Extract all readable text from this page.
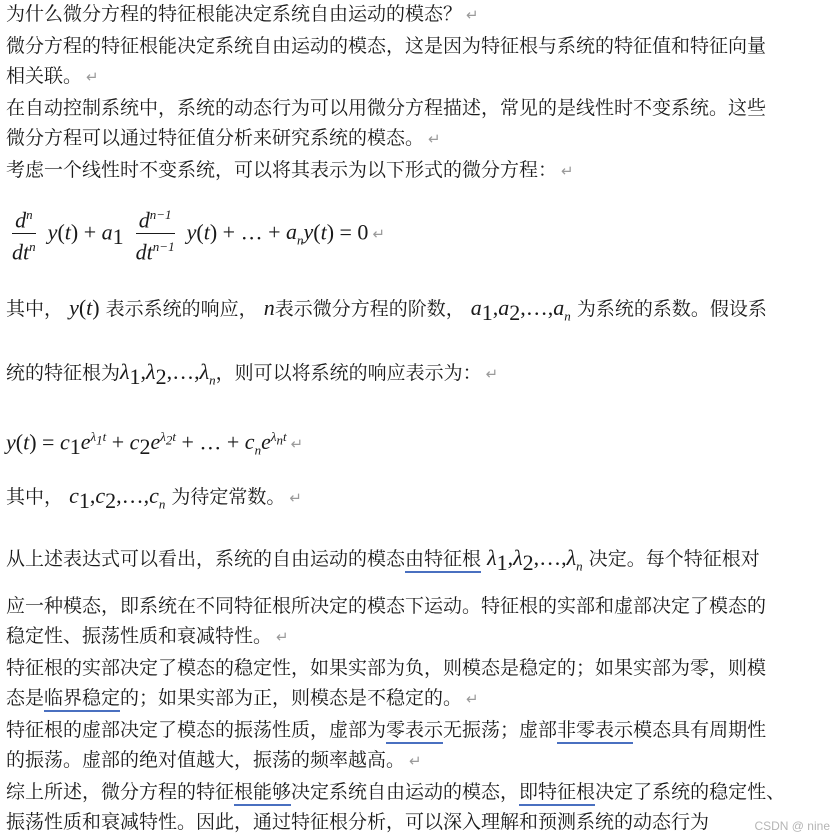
为什么微分方程的特征根能决定系统自由运动的模态？ ↵
微分方程的特征根能决定系统自由运动的模态，这是因为特征根与系统的特征值和特征向量
相关联。 ↵
在自动控制系统中，系统的动态行为可以用微分方程描述，常见的是线性时不变系统。这些
微分方程可以通过特征值分析来研究系统的模态。 ↵
考虑一个线性时不变系统，可以将其表示为以下形式的微分方程： ↵
$\frac{d^n}{dt^n} y(t) + a_1 \frac{d^{n-1}}{dt^{n-1}} y(t)$ + … + $a_ny(t) = 0$ ↵
其中， y(t) 表示系统的响应， n表示微分方程的阶数， $a_1,a_2,\dots,a_n$ 为系统的系数。假设系
统的特征根为$\lambda_1,\lambda_2,\dots,\lambda_n$，则可以将系统的响应表示为： ↵
$y(t) = c_1e^{\lambda_1t} + c_2e^{\lambda_2t}$ + … + $c_ne^{\lambda_nt}$ ↵
其中， $c_1,c_2,\dots,c_n$ 为待定常数。 ↵
从上述表达式可以看出，系统的自由运动的模态由特征根 $\lambda_1,\lambda_2,\dots,\lambda_n$ 决定。每个特征根对
应一种模态，即系统在不同特征根所决定的模态下运动。特征根的实部和虚部决定了模态的
稳定性、振荡性质和衰减特性。 ↵
特征根的实部决定了模态的稳定性，如果实部为负，则模态是稳定的；如果实部为零，则模
态是临界稳定的；如果实部为正，则模态是不稳定的。 ↵
特征根的虚部决定了模态的振荡性质，虚部为零表示无振荡；虚部非零表示模态具有周期性
的振荡。虚部的绝对值越大，振荡的频率越高。 ↵
综上所述，微分方程的特征根能够决定系统自由运动的模态，即特征根决定了系统的稳定性、
振荡性质和衰减特性。因此，通过特征根分析，可以深入理解和预测系统的动态行为	CSDN @ nine
